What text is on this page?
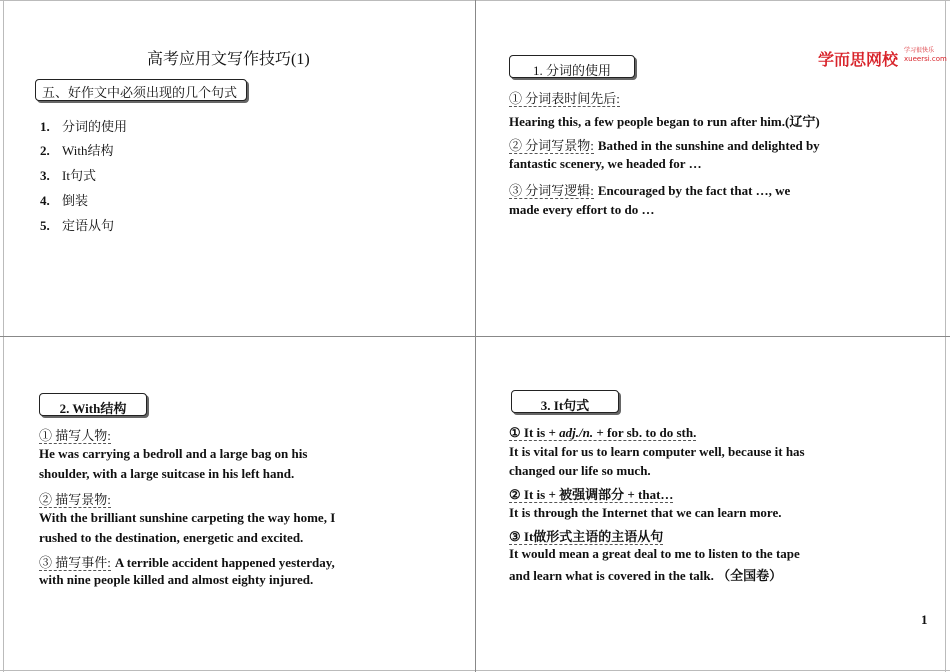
高考应用文写作技巧(1)
五、好作文中必须出现的几个句式
1. 分词的使用
2. With结构
3. It句式
4. 倒装
5. 定语从句
学而思网校 学习很快乐
xueersi.com
1. 分词的使用
① 分词表时间先后:
Hearing this, a few people began to run after him.(辽宁)
② 分词写景物: Bathed in the sunshine and delighted by
fantastic scenery, we headed for …
③ 分词写逻辑: Encouraged by the fact that …, we
made every effort to do …
2. With结构
① 描写人物:
He was carrying a bedroll and a large bag on his
shoulder, with a large suitcase in his left hand.
② 描写景物:
With the brilliant sunshine carpeting the way home, I
rushed to the destination, energetic and excited.
③ 描写事件: A terrible accident happened yesterday,
with nine people killed and almost eighty injured.
3. It句式
① It is + adj./n. + for sb. to do sth.
It is vital for us to learn computer well, because it has
changed our life so much.
② It is + 被强调部分 + that…
It is through the Internet that we can learn more.
③ It做形式主语的主语从句
It would mean a great deal to me to listen to the tape
and learn what is covered in the talk. （全国卷）
1
